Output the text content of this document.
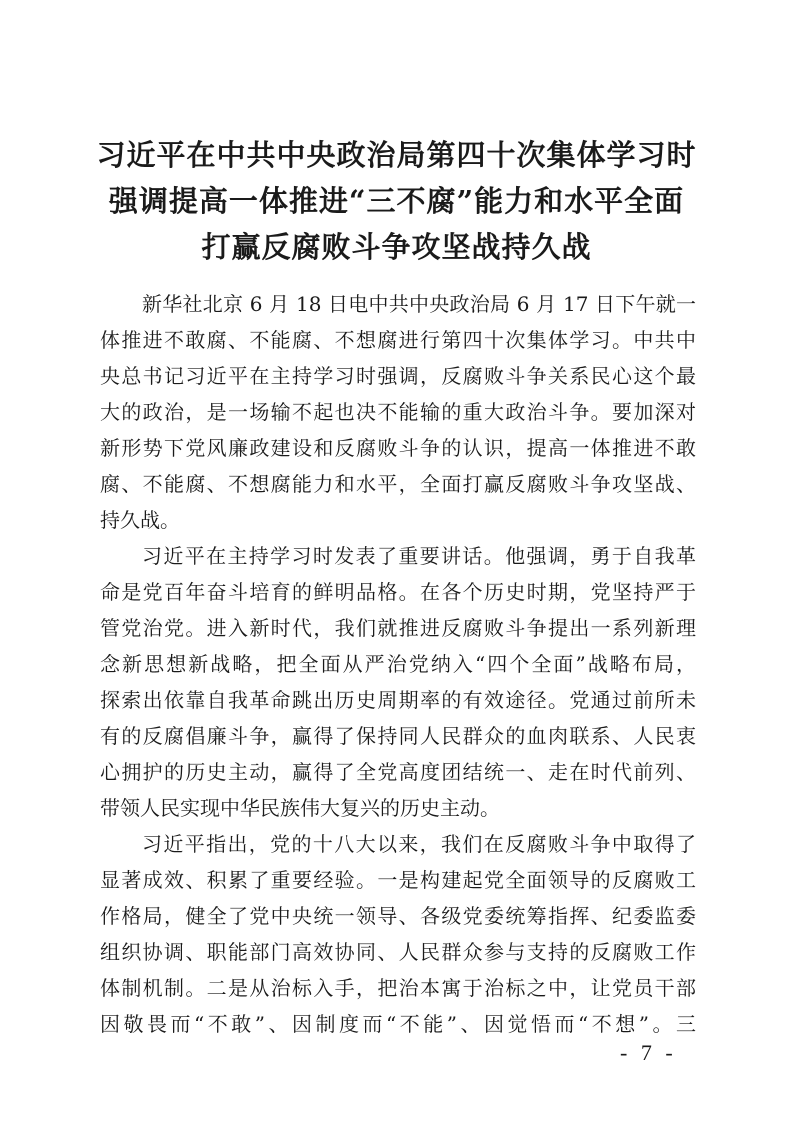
习近平在中共中央政治局第四十次集体学习时
强调提高一体推进“三不腐”能力和水平全面
打赢反腐败斗争攻坚战持久战

新华社北京 6 月 18 日电中共中央政治局 6 月 17 日下午就一

体推进不敢腐、不能腐、不想腐进行第四十次集体学习。中共中

央总书记习近平在主持学习时强调，反腐败斗争关系民心这个最

大的政治，是一场输不起也决不能输的重大政治斗争。要加深对

新形势下党风廉政建设和反腐败斗争的认识，提高一体推进不敢

腐、不能腐、不想腐能力和水平，全面打赢反腐败斗争攻坚战、

持久战。

习近平在主持学习时发表了重要讲话。他强调，勇于自我革

命是党百年奋斗培育的鲜明品格。在各个历史时期，党坚持严于

管党治党。进入新时代，我们就推进反腐败斗争提出一系列新理

念新思想新战略，把全面从严治党纳入“四个全面”战略布局，

探索出依靠自我革命跳出历史周期率的有效途径。党通过前所未

有的反腐倡廉斗争，赢得了保持同人民群众的血肉联系、人民衷

心拥护的历史主动，赢得了全党高度团结统一、走在时代前列、

带领人民实现中华民族伟大复兴的历史主动。

习近平指出，党的十八大以来，我们在反腐败斗争中取得了

显著成效、积累了重要经验。一是构建起党全面领导的反腐败工

作格局，健全了党中央统一领导、各级党委统筹指挥、纪委监委

组织协调、职能部门高效协同、人民群众参与支持的反腐败工作

体制机制。二是从治标入手，把治本寓于治标之中，让党员干部

因敬畏而“不敢”、因制度而“不能”、因觉悟而“不想”。三

- 7 -
